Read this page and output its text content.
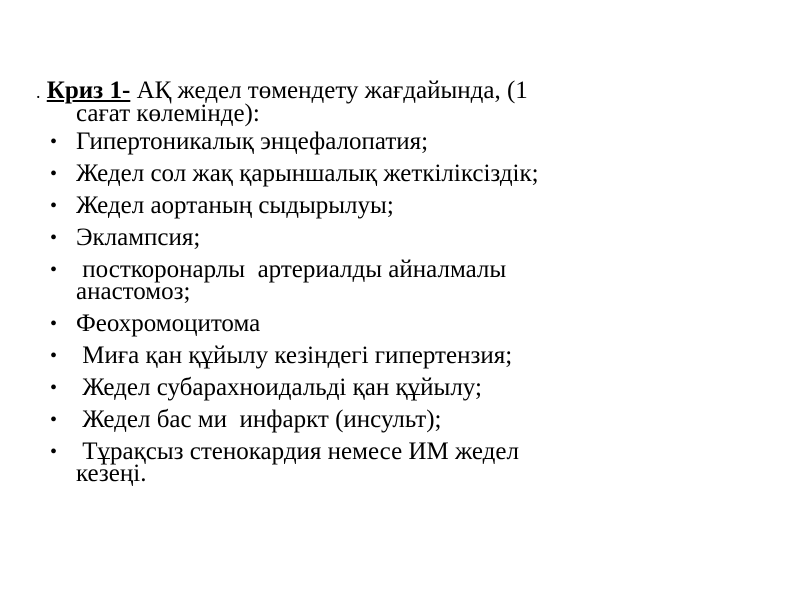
. Криз 1- АҚ жедел төмендету жағдайында, (1
сағат көлемінде):
• Гипертоникалық энцефалопатия;
• Жедел сол жақ қарыншалық жеткіліксіздік;
• Жедел аортаның сыдырылуы;
• Эклампсия;
• посткоронарлы  артериалды айналмалы
анастомоз;
• Феохромоцитома
• Миға қан құйылу кезіндегі гипертензия;
• Жедел субарахноидальді қан құйылу;
• Жедел бас ми  инфаркт (инсульт);
• Тұрақсыз стенокардия немесе ИМ жедел
кезеңі.
